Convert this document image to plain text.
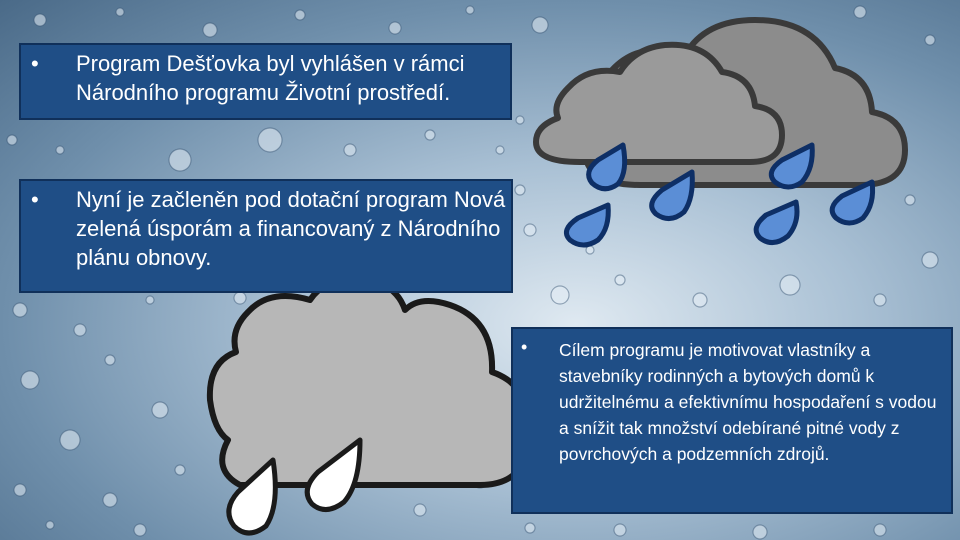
• Program Dešťovka byl vyhlášen v rámci Národního programu Životní prostředí.
• Nyní je začleněn pod dotační program Nová zelená úsporám a financovaný z Národního plánu obnovy.
• Cílem programu je motivovat vlastníky a stavebníky rodinných a bytových domů k udržitelnému a efektivnímu hospodaření s vodou a snížit tak množství odebírané pitné vody z povrchových a podzemních zdrojů.
